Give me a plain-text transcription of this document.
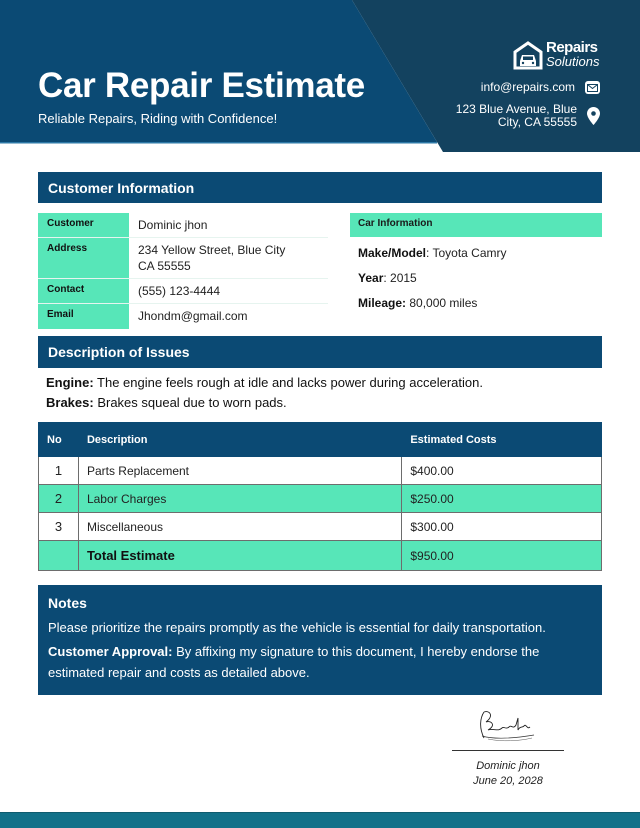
Car Repair Estimate
Reliable Repairs, Riding with Confidence!
Repairs
Solutions
info@repairs.com
123 Blue Avenue, Blue
City, CA 55555
Customer Information
Customer	Dominic jhon
Address	234 Yellow Street, Blue City
CA 55555
Contact	(555) 123-4444
Email	Jhondm@gmail.com
Car Information
Make/Model: Toyota Camry
Year: 2015
Mileage: 80,000 miles
Description of Issues
Engine: The engine feels rough at idle and lacks power during acceleration.
Brakes: Brakes squeal due to worn pads.
No	Description	Estimated Costs
1	Parts Replacement	$400.00
2	Labor Charges	$250.00
3	Miscellaneous	$300.00
	Total Estimate	$950.00
Notes
Please prioritize the repairs promptly as the vehicle is essential for daily transportation.
Customer Approval: By affixing my signature to this document, I hereby endorse the estimated repair and costs as detailed above.
Dominic jhon
June 20, 2028
